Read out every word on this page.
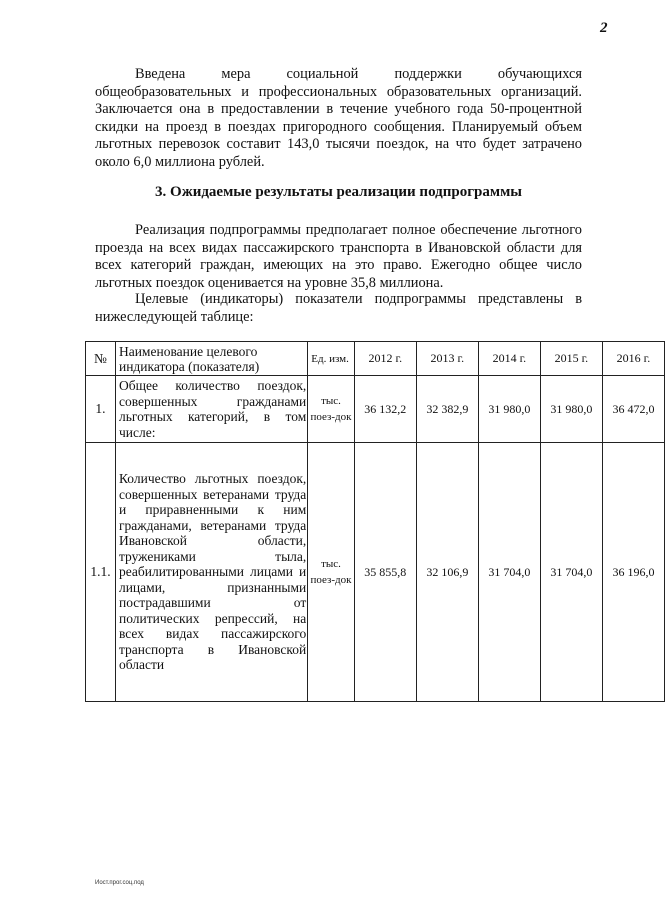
2

Введена мера социальной поддержки обучающихся общеобразовательных и профессиональных образовательных организаций. Заключается она в предоставлении в течение учебного года 50-процентной скидки на проезд в поездах пригородного сообщения. Планируемый объем льготных перевозок составит 143,0 тысячи поездок, на что будет затрачено около 6,0 миллиона рублей.

3. Ожидаемые результаты реализации подпрограммы

Реализация подпрограммы предполагает полное обеспечение льготного проезда на всех видах пассажирского транспорта в Ивановской области для всех категорий граждан, имеющих на это право. Ежегодно общее число льготных поездок оценивается на уровне 35,8 миллиона.

Целевые (индикаторы) показатели подпрограммы представлены в нижеследующей таблице:

№	Наименование целевого индикатора (показателя)	Ед. изм.	2012 г.	2013 г.	2014 г.	2015 г.	2016 г.
1.	Общее количество поездок, совершенных гражданами льготных категорий, в том числе:	тыс. поез-док	36 132,2	32 382,9	31 980,0	31 980,0	36 472,0
1.1.	Количество льготных поездок, совершенных ветеранами труда и приравненными к ним гражданами, ветеранами труда Ивановской области, тружениками тыла, реабилитированными лицами и лицами, признанными пострадавшими от политических репрессий, на всех видах пассажирского транспорта в Ивановской области	тыс. поез-док	35 855,8	32 106,9	31 704,0	31 704,0	36 196,0
Иост.прог.соц.под
